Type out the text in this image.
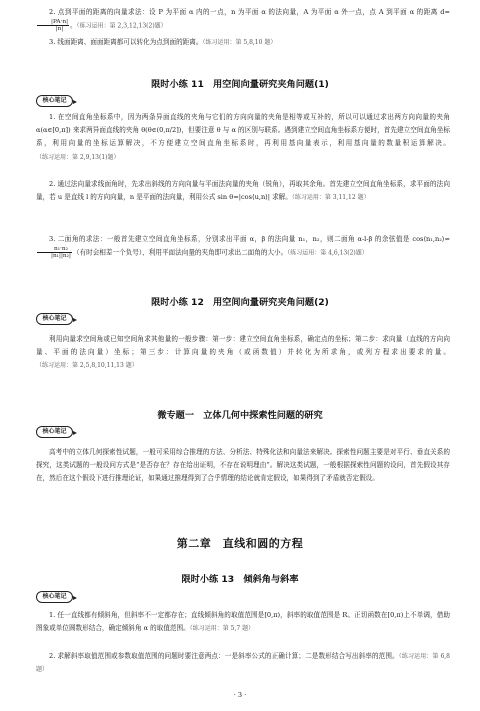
2. 点到平面的距离的向量求法：设 P 为平面 α 内的一点，n 为平面 α 的法向量，A 为平面 α 外一点，点 A 到平面 α 的距离 d=
$\frac{|PA\cdot n|}{|n|}$ 。（练习运用：第 2,3,12,13(2)题）

3. 线面距离、面面距离都可以转化为点到面的距离。（练习运用：第 5,8,10 题）

限时小练 11　用空间向量研究夹角问题(1)
核心笔记

1. 在空间直角坐标系中，因为两条异面直线的夹角与它们的方向向量的夹角是相等或互补的，所以可以通过求出两方向向量的夹角 α(α∈[0,π]) 来求两异面直线的夹角 θ(θ∈(0,π/2])，但要注意 θ 与 α 的区别与联系。遇到建立空间直角坐标系方便时，首先建立空间直角坐标系，利用向量的坐标运算解决，不方便建立空间直角坐标系时，再利用基向量表示，利用基向量的数量积运算解决。（练习运用：第 2,9,13(1)题）

2. 通过法向量求线面角时，先求出斜线的方向向量与平面法向量的夹角（锐角），再取其余角。首先建立空间直角坐标系，求平面的法向量，若 u 是直线 l 的方向向量，n 是平面的法向量，利用公式 sin θ=|cos⟨u,n⟩| 求解。（练习运用：第 3,11,12 题）

3. 二面角的求法：一般首先建立空间直角坐标系，分别求出平面 α，β 的法向量 n₁，n₂，则二面角 α-l-β 的余弦值是 cos⟨n₁,n₂⟩=
$\frac{\text{n₁·n₂}}{\text{|n₁||n₂|}}$ （有时会相差一个负号），利用平面法向量的夹角即可求出二面角的大小。（练习运用：第 4,6,13(2)题）

限时小练 12　用空间向量研究夹角问题(2)
核心笔记

利用向量求空间角或已知空间角求其他量的一般步骤：第一步：建立空间直角坐标系，确定点的坐标；第二步：求向量（直线的方向向量、平面的法向量）坐标；第三步：计算向量的夹角（或函数值）并转化为所求角，或列方程求出要求的量。（练习运用：第 2,5,8,10,11,13 题）

微专题一　立体几何中探索性问题的研究
核心笔记

高考中的立体几何探索性试题，一般可采用综合推理的方法、分析法、特殊化法和向量法来解决。探索性问题主要是对平行、垂直关系的探究，这类试题的一般设问方式是“是否存在？存在给出证明，不存在说明理由”。解决这类试题，一般根据探索性问题的设问，首先假设其存在，然后在这个假设下进行推理论证，如果通过推理得到了合乎情理的结论就肯定假设，如果得到了矛盾就否定假设。

第二章　直线和圆的方程
限时小练 13　倾斜角与斜率
核心笔记

1. 任一直线都有倾斜角，但斜率不一定都存在；直线倾斜角的取值范围是[0,π)，斜率的取值范围是 R。正切函数在[0,π)上不单调，借助图象或单位圆数形结合，确定倾斜角 α 的取值范围。（练习运用：第 5,7 题）

2. 求解斜率取值范围或参数取值范围的问题时要注意两点：一是斜率公式的正确计算；二是数形结合写出斜率的范围。（练习运用：第 6,8 题）

· 3 ·
